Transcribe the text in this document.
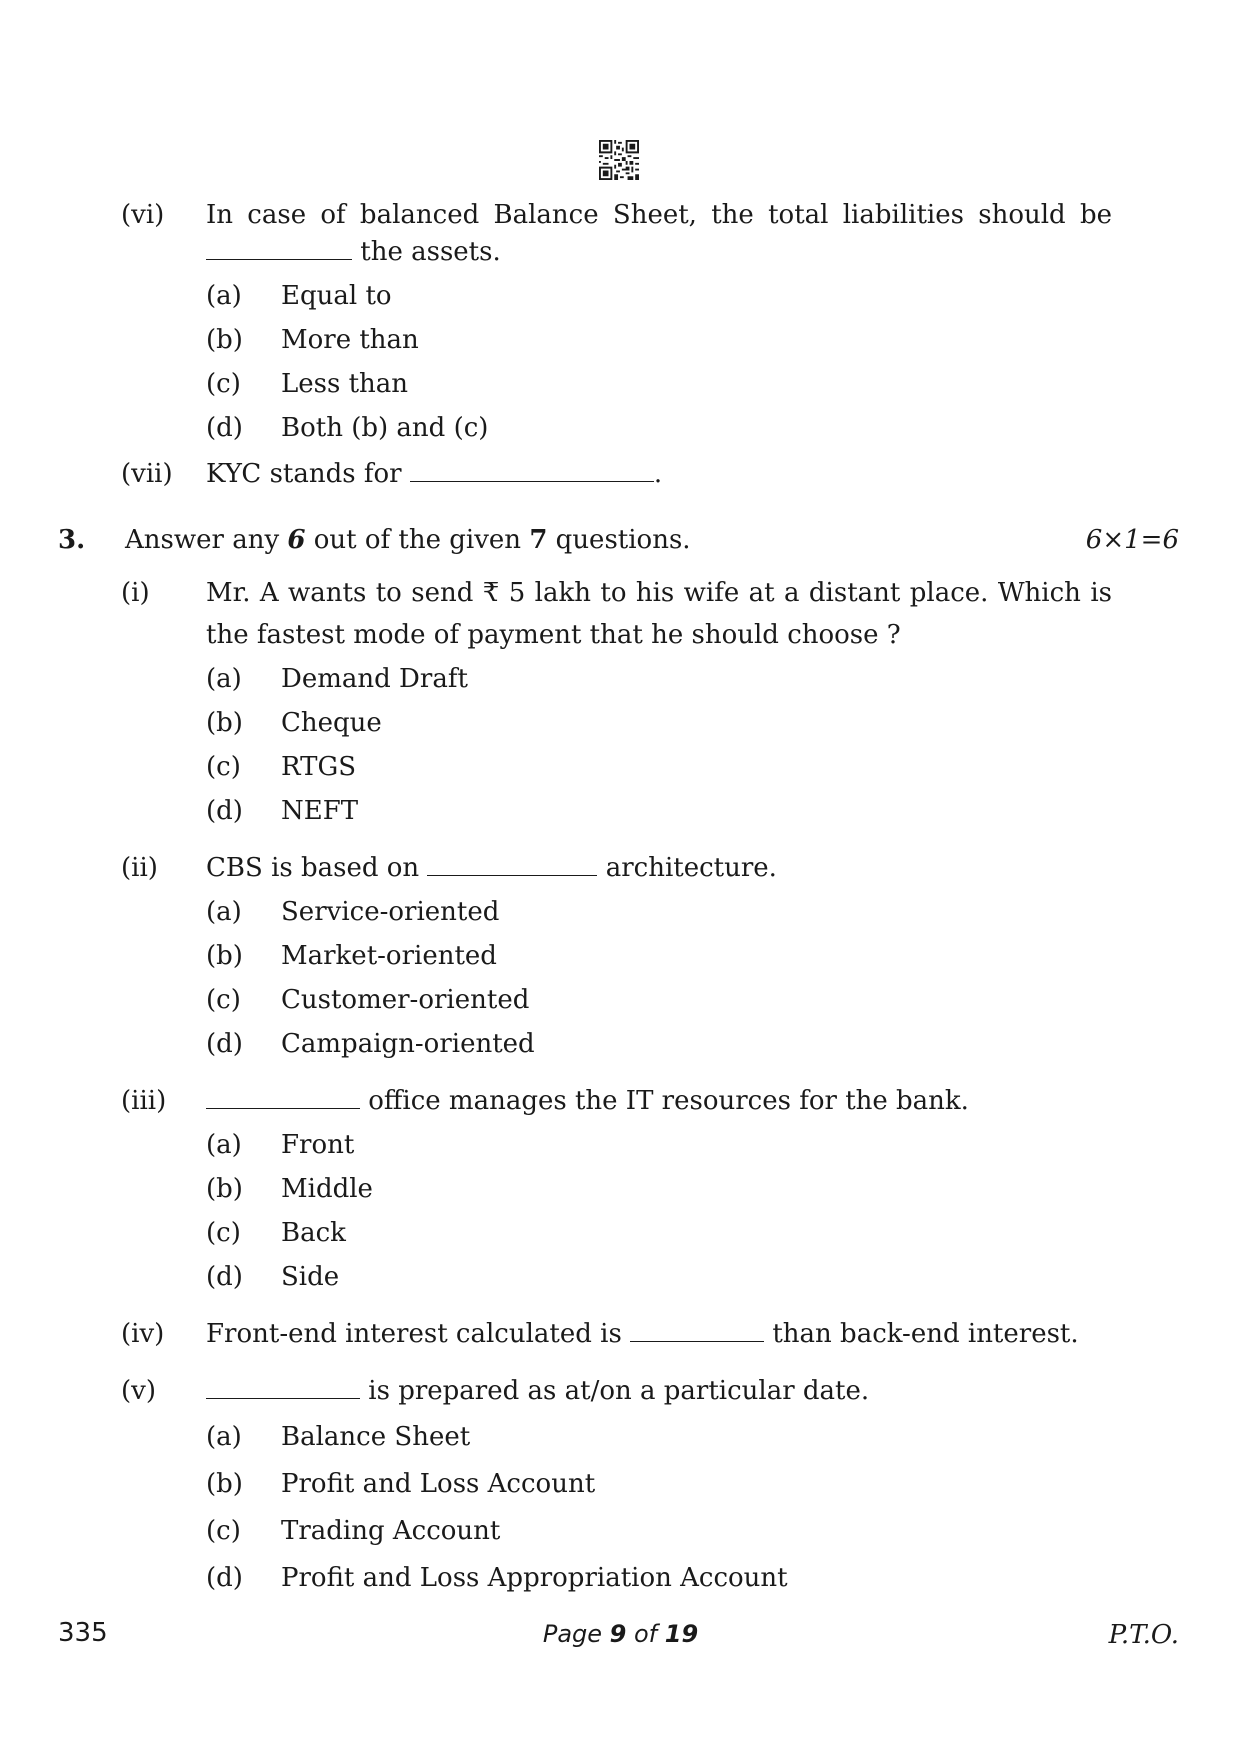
(vi) In case of balanced Balance Sheet, the total liabilities should be
the assets.
(a) Equal to
(b) More than
(c) Less than
(d) Both (b) and (c)
(vii) KYC stands for	.
3. Answer any 6 out of the given 7 questions.	6×1=6
(i) Mr. A wants to send ₹ 5 lakh to his wife at a distant place. Which is
the fastest mode of payment that he should choose ?
(a) Demand Draft
(b) Cheque
(c) RTGS
(d) NEFT
(ii) CBS is based on	architecture.
(a) Service-oriented
(b) Market-oriented
(c) Customer-oriented
(d) Campaign-oriented
(iii)	office manages the IT resources for the bank.
(a) Front
(b) Middle
(c) Back
(d) Side
(iv) Front-end interest calculated is	than back-end interest.
(v)	is prepared as at/on a particular date.
(a) Balance Sheet
(b) Profit and Loss Account
(c) Trading Account
(d) Profit and Loss Appropriation Account
335	Page 9 of 19	P.T.O.
